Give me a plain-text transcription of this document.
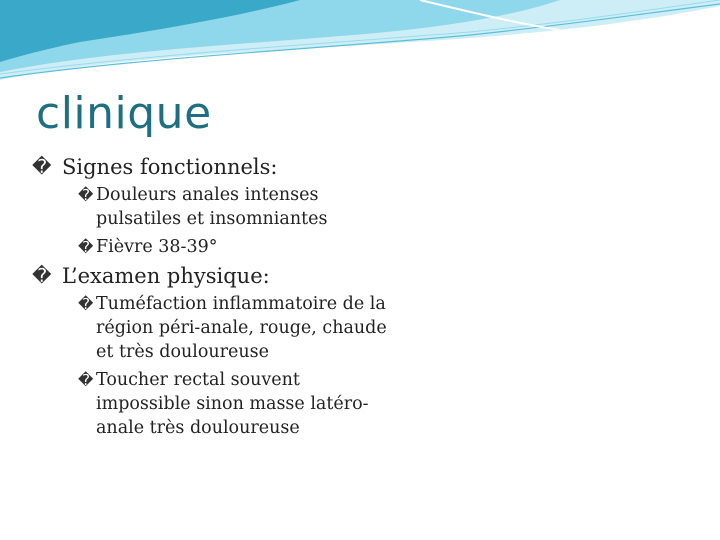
clinique
� Signes fonctionnels:
� Douleurs anales intenses pulsatiles et insomniantes
� Fièvre 38-39°
� L’examen physique:
� Tuméfaction inflammatoire de la région péri-anale, rouge, chaude et très douloureuse
� Toucher rectal souvent impossible sinon masse latéro-anale très douloureuse
